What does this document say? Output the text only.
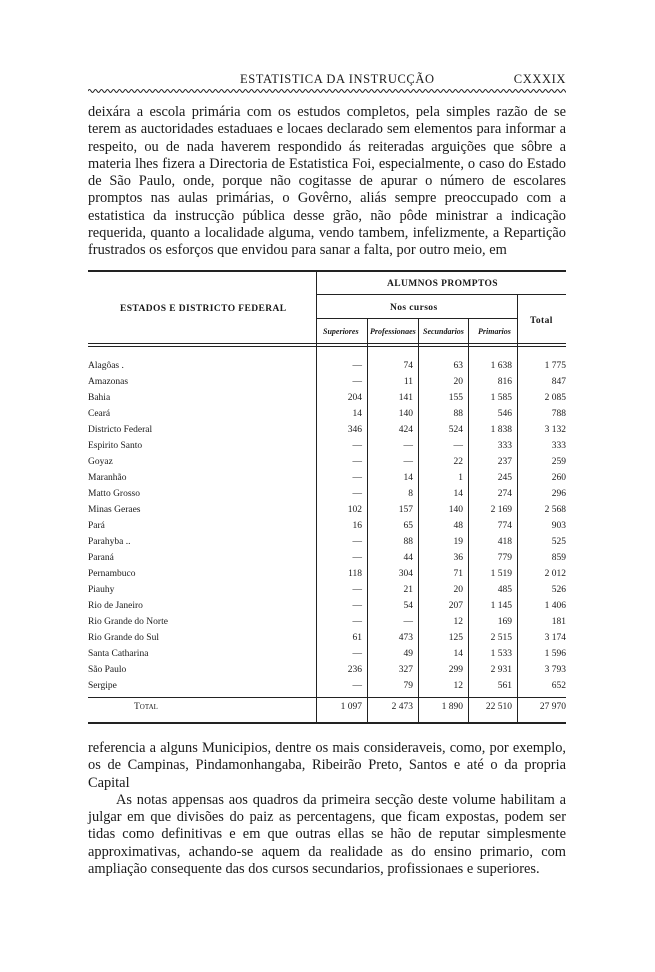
ESTATISTICA DA INSTRUCÇÃO	CXXXIX
deixára a escola primária com os estudos completos, pela simples razão de se terem as auctoridades estaduaes e locaes declarado sem elementos para informar a respeito, ou de nada haverem respondido ás reiteradas arguições que sôbre a materia lhes fizera a Directoria de Estatistica Foi, especialmente, o caso do Estado de São Paulo, onde, porque não cogitasse de apurar o número de escolares promptos nas aulas primárias, o Govêrno, aliás sempre preoccupado com a estatistica da instrucção pública desse grão, não pôde ministrar a indicação requerida, quanto a localidade alguma, vendo tambem, infelizmente, a Repartição frustrados os esforços que envidou para sanar a falta, por outro meio, em
ESTADOS E DISTRICTO FEDERAL
ALUMNOS PROMPTOS
Nos cursos
Superiores Professionaes Secundarios Primarios
Total
Alagôas .	—	74	63	1 638	1 775
Amazonas	—	11	20	816	847
Bahia	204	141	155	1 585	2 085
Ceará	14	140	88	546	788
Districto Federal	346	424	524	1 838	3 132
Espirito Santo	—	—	—	333	333
Goyaz	—	—	22	237	259
Maranhão	—	14	1	245	260
Matto Grosso	—	8	14	274	296
Minas Geraes	102	157	140	2 169	2 568
Pará	16	65	48	774	903
Parahyba ..	—	88	19	418	525
Paraná	—	44	36	779	859
Pernambuco	118	304	71	1 519	2 012
Piauhy	—	21	20	485	526
Rio de Janeiro	—	54	207	1 145	1 406
Rio Grande do Norte	—	—	12	169	181
Rio Grande do Sul	61	473	125	2 515	3 174
Santa Catharina	—	49	14	1 533	1 596
São Paulo	236	327	299	2 931	3 793
Sergipe	—	79	12	561	652
Total	1 097	2 473	1 890	22 510	27 970

referencia a alguns Municipios, dentre os mais consideraveis, como, por exemplo, os de Campinas, Pindamonhangaba, Ribeirão Preto, Santos e até o da propria Capital

As notas appensas aos quadros da primeira secção deste volume habilitam a julgar em que divisões do paiz as percentagens, que ficam expostas, podem ser tidas como definitivas e em que outras ellas se hão de reputar simplesmente approximativas, achando-se aquem da realidade as do ensino primario, com ampliação consequente das dos cursos secundarios, profissionaes e superiores.
